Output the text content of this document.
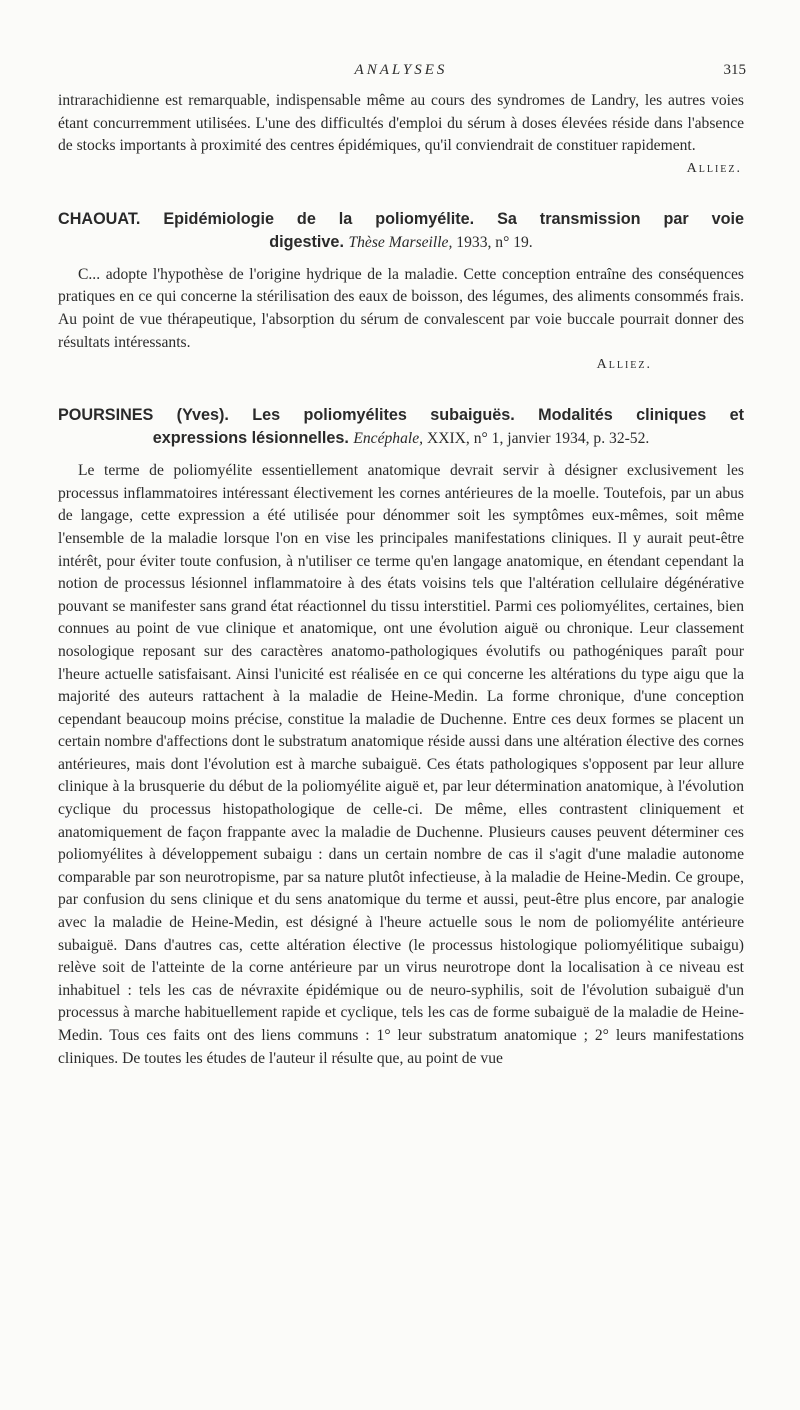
ANALYSES	315

intrarachidienne est remarquable, indispensable même au cours des syndromes de Landry, les autres voies étant concurremment utilisées. L'une des difficultés d'emploi du sérum à doses élevées réside dans l'absence de stocks importants à proximité des centres épidémiques, qu'il conviendrait de constituer rapidement.

Alliez.
CHAOUAT. Epidémiologie de la poliomyélite. Sa transmission par voie
digestive. Thèse Marseille, 1933, n° 19.

C... adopte l'hypothèse de l'origine hydrique de la maladie. Cette conception entraîne des conséquences pratiques en ce qui concerne la stérilisation des eaux de boisson, des légumes, des aliments consommés frais. Au point de vue thérapeutique, l'absorption du sérum de convalescent par voie buccale pourrait donner des résultats intéressants.

Alliez.
POURSINES (Yves). Les poliomyélites subaiguës. Modalités cliniques et
expressions lésionnelles. Encéphale, XXIX, n° 1, janvier 1934, p. 32-52.

Le terme de poliomyélite essentiellement anatomique devrait servir à désigner exclusivement les processus inflammatoires intéressant électivement les cornes antérieures de la moelle. Toutefois, par un abus de langage, cette expression a été utilisée pour dénommer soit les symptômes eux-mêmes, soit même l'ensemble de la maladie lorsque l'on en vise les principales manifestations cliniques. Il y aurait peut-être intérêt, pour éviter toute confusion, à n'utiliser ce terme qu'en langage anatomique, en étendant cependant la notion de processus lésionnel inflammatoire à des états voisins tels que l'altération cellulaire dégénérative pouvant se manifester sans grand état réactionnel du tissu interstitiel. Parmi ces poliomyélites, certaines, bien connues au point de vue clinique et anatomique, ont une évolution aiguë ou chronique. Leur classement nosologique reposant sur des caractères anatomo-pathologiques évolutifs ou pathogéniques paraît pour l'heure actuelle satisfaisant. Ainsi l'unicité est réalisée en ce qui concerne les altérations du type aigu que la majorité des auteurs rattachent à la maladie de Heine-Medin. La forme chronique, d'une conception cependant beaucoup moins précise, constitue la maladie de Duchenne. Entre ces deux formes se placent un certain nombre d'affections dont le substratum anatomique réside aussi dans une altération élective des cornes antérieures, mais dont l'évolution est à marche subaiguë. Ces états pathologiques s'opposent par leur allure clinique à la brusquerie du début de la poliomyélite aiguë et, par leur détermination anatomique, à l'évolution cyclique du processus histopathologique de celle-ci. De même, elles contrastent cliniquement et anatomiquement de façon frappante avec la maladie de Duchenne. Plusieurs causes peuvent déterminer ces poliomyélites à développement subaigu : dans un certain nombre de cas il s'agit d'une maladie autonome comparable par son neurotropisme, par sa nature plutôt infectieuse, à la maladie de Heine-Medin. Ce groupe, par confusion du sens clinique et du sens anatomique du terme et aussi, peut-être plus encore, par analogie avec la maladie de Heine-Medin, est désigné à l'heure actuelle sous le nom de poliomyélite antérieure subaiguë. Dans d'autres cas, cette altération élective (le processus histologique poliomyélitique subaigu) relève soit de l'atteinte de la corne antérieure par un virus neurotrope dont la localisation à ce niveau est inhabituel : tels les cas de névraxite épidémique ou de neuro-syphilis, soit de l'évolution subaiguë d'un processus à marche habituellement rapide et cyclique, tels les cas de forme subaiguë de la maladie de Heine-Medin. Tous ces faits ont des liens communs : 1° leur substratum anatomique ; 2° leurs manifestations cliniques. De toutes les études de l'auteur il résulte que, au point de vue
